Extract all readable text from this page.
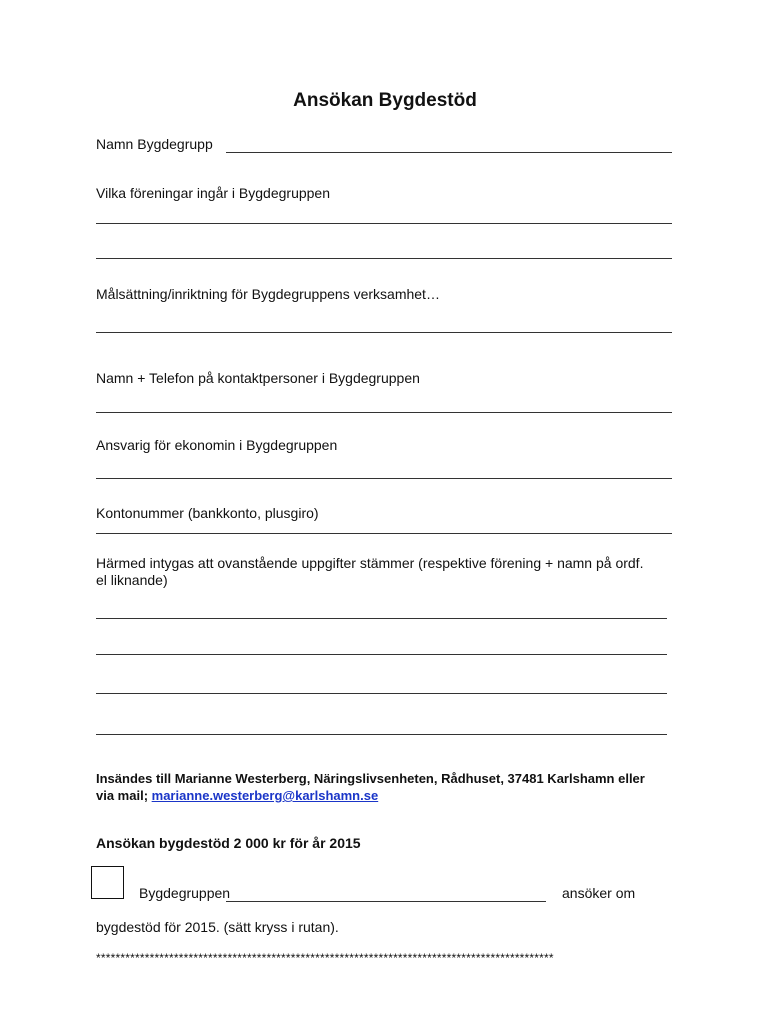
Ansökan Bygdestöd
Namn Bygdegrupp
Vilka föreningar ingår i Bygdegruppen
Målsättning/inriktning för Bygdegruppens verksamhet…
Namn + Telefon på kontaktpersoner i Bygdegruppen
Ansvarig för ekonomin i Bygdegruppen
Kontonummer (bankkonto, plusgiro)
Härmed intygas att ovanstående uppgifter stämmer (respektive förening + namn på ordf.
el liknande)
Insändes till Marianne Westerberg, Näringslivsenheten, Rådhuset, 37481 Karlshamn eller
via mail; marianne.westerberg@karlshamn.se
Ansökan bygdestöd 2 000 kr för år 2015
Bygdegruppen	ansöker om
bygdestöd för 2015. (sätt kryss i rutan).
**********************************************************************************************
